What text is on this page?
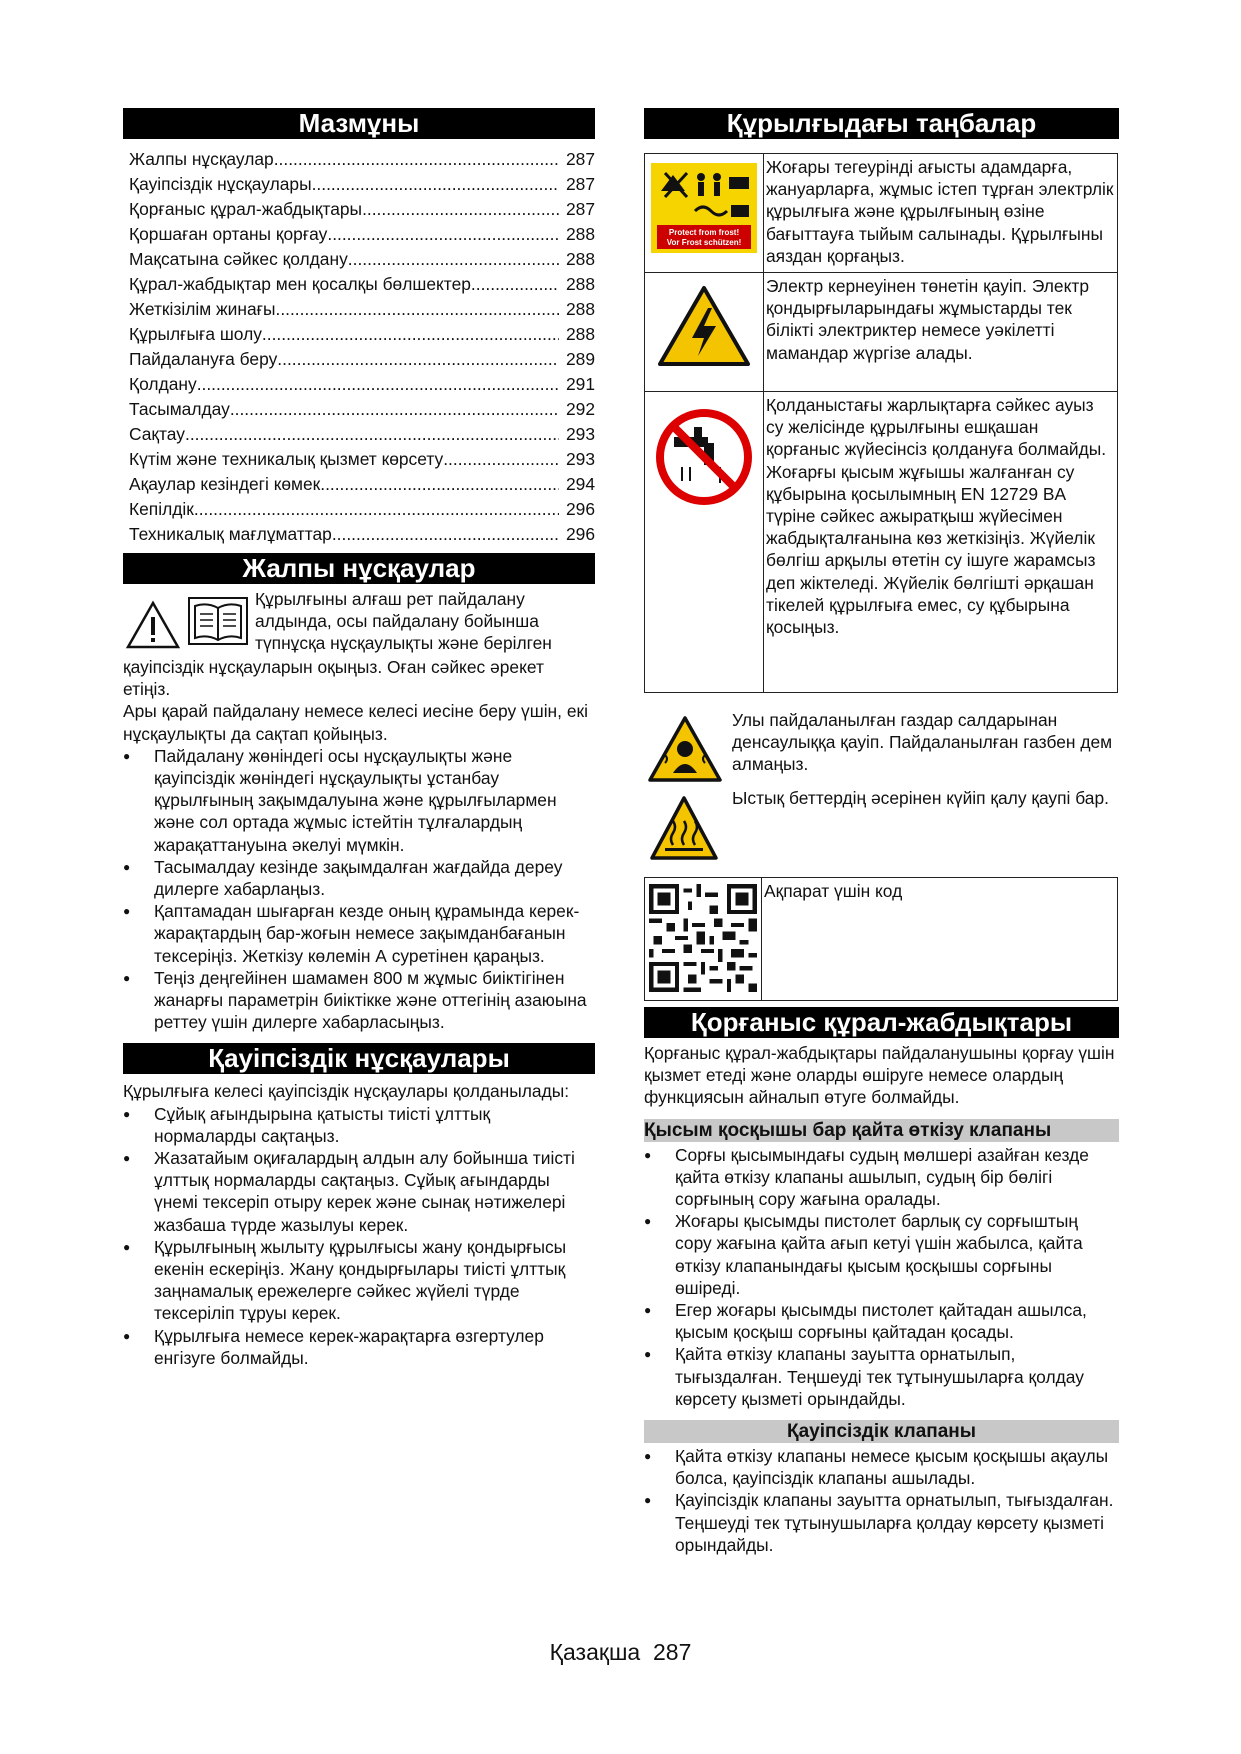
Мазмұны
Жалпы нұсқаулар .....	287
Қауіпсіздік нұсқаулары .....	287
Қорғаныс құрал-жабдықтары .....	287
Қоршаған ортаны қорғау .....	288
Мақсатына сәйкес қолдану .....	288
Құрал-жабдықтар мен қосалқы бөлшектер .....	288
Жеткізілім жинағы .....	288
Құрылғыға шолу .....	288
Пайдалануға беру .....	289
Қолдану .....	291
Тасымалдау .....	292
Сақтау .....	293
Күтім және техникалық қызмет көрсету .....	293
Ақаулар кезіндегі көмек .....	294
Кепілдік .....	296
Техникалық мағлұматтар .....	296
Жалпы нұсқаулар
Құрылғыны алғаш рет пайдалану
алдында, осы пайдалану бойынша
түпнұсқа нұсқаулықты және берілген
қауіпсіздік нұсқауларын оқыңыз. Оған сәйкес әрекет етіңіз.
Ары қарай пайдалану немесе келесі иесіне беру үшін, екі нұсқаулықты да сақтап қойыңыз.
● Пайдалану жөніндегі осы нұсқаулықты және қауіпсіздік жөніндегі нұсқаулықты ұстанбау құрылғының зақымдалуына және құрылғылармен және сол ортада жұмыс істейтін тұлғалардың жарақаттануына әкелуі мүмкін.
● Тасымалдау кезінде зақымдалған жағдайда дереу дилерге хабарлаңыз.
● Қаптамадан шығарған кезде оның құрамында керек-жарақтардың бар-жоғын немесе зақымданбағанын тексеріңіз. Жеткізу көлемін А суретінен қараңыз.
● Теңіз деңгейінен шамамен 800 м жұмыс биіктігінен жанарғы параметрін биіктікке және оттегінің азаюына реттеу үшін дилерге хабарласыңыз.
Қауіпсіздік нұсқаулары
Құрылғыға келесі қауіпсіздік нұсқаулары қолданылады:
● Сұйық ағындырына қатысты тиісті ұлттық нормаларды сақтаңыз.
● Жазатайым оқиғалардың алдын алу бойынша тиісті ұлттық нормаларды сақтаңыз. Сұйық ағындарды үнемі тексеріп отыру керек және сынақ нәтижелері жазбаша түрде жазылуы керек.
● Құрылғының жылыту құрылғысы жану қондырғысы екенін ескеріңіз. Жану қондырғылары тиісті ұлттық заңнамалық ережелерге сәйкес жүйелі түрде тексеріліп тұруы керек.
● Құрылғыға немесе керек-жарақтарға өзгертулер енгізуге болмайды.
Құрылғыдағы таңбалар
Protect from frost!
Vor Frost schützen!	Жоғары тегеурінді ағысты адамдарға, жануарларға, жұмыс істеп тұрған электрлік құрылғыға және құрылғының өзіне бағыттауға тыйым салынады. Құрылғыны аяздан қорғаңыз.
	Электр кернеуінен төнетін қауіп. Электр қондырғыларындағы жұмыстарды тек білікті электриктер немесе уәкілетті мамандар жүргізе алады.
	Қолданыстағы жарлықтарға сәйкес ауыз су желісінде құрылғыны ешқашан қорғаныс жүйесінсіз қолдануға болмайды. Жоғарғы қысым жұғышы жалғанған су құбырына қосылымның EN 12729 BA түріне сәйкес ажыратқыш жүйесімен жабдықталғанына көз жеткізіңіз. Жүйелік бөлгіш арқылы өтетін су ішуге жарамсыз деп жіктеледі. Жүйелік бөлгішті әрқашан тікелей құрылғыға емес, су құбырына қосыңыз.
Улы пайдаланылған газдар салдарынан денсаулыққа қауіп. Пайдаланылған газбен дем алмаңыз.
Ыстық беттердің әсерінен күйіп қалу қаупі бар.
	Ақпарат үшін код
Қорғаныс құрал-жабдықтары
Қорғаныс құрал-жабдықтары пайдаланушыны қорғау үшін қызмет етеді және оларды өшіруге немесе олардың функциясын айналып өтуге болмайды.
Қысым қосқышы бар қайта өткізу клапаны
● Сорғы қысымындағы судың мөлшері азайған кезде қайта өткізу клапаны ашылып, судың бір бөлігі сорғының сору жағына оралады.
● Жоғары қысымды пистолет барлық су сорғыштың сору жағына қайта ағып кетуі үшін жабылса, қайта өткізу клапанындағы қысым қосқышы сорғыны өшіреді.
● Егер жоғары қысымды пистолет қайтадан ашылса, қысым қосқыш сорғыны қайтадан қосады.
● Қайта өткізу клапаны зауытта орнатылып, тығыздалған. Теңшеуді тек тұтынушыларға қолдау көрсету қызметі орындайды.
Қауіпсіздік клапаны
● Қайта өткізу клапаны немесе қысым қосқышы ақаулы болса, қауіпсіздік клапаны ашылады.
● Қауіпсіздік клапаны зауытта орнатылып, тығыздалған. Теңшеуді тек тұтынушыларға қолдау көрсету қызметі орындайды.
Қазақша 287
